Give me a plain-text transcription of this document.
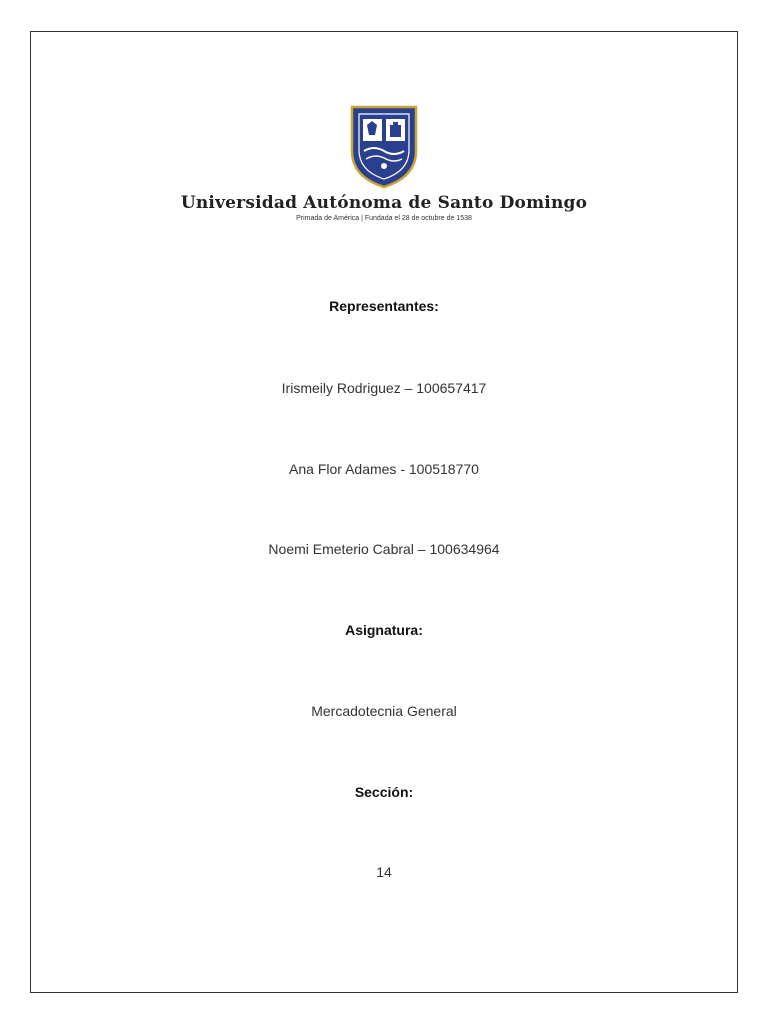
Universidad Autónoma de Santo Domingo
Primada de América | Fundada el 28 de octubre de 1538
Representantes:
Irismeily Rodriguez – 100657417
Ana Flor Adames - 100518770
Noemi Emeterio Cabral – 100634964
Asignatura:
Mercadotecnia General
Sección:
14
